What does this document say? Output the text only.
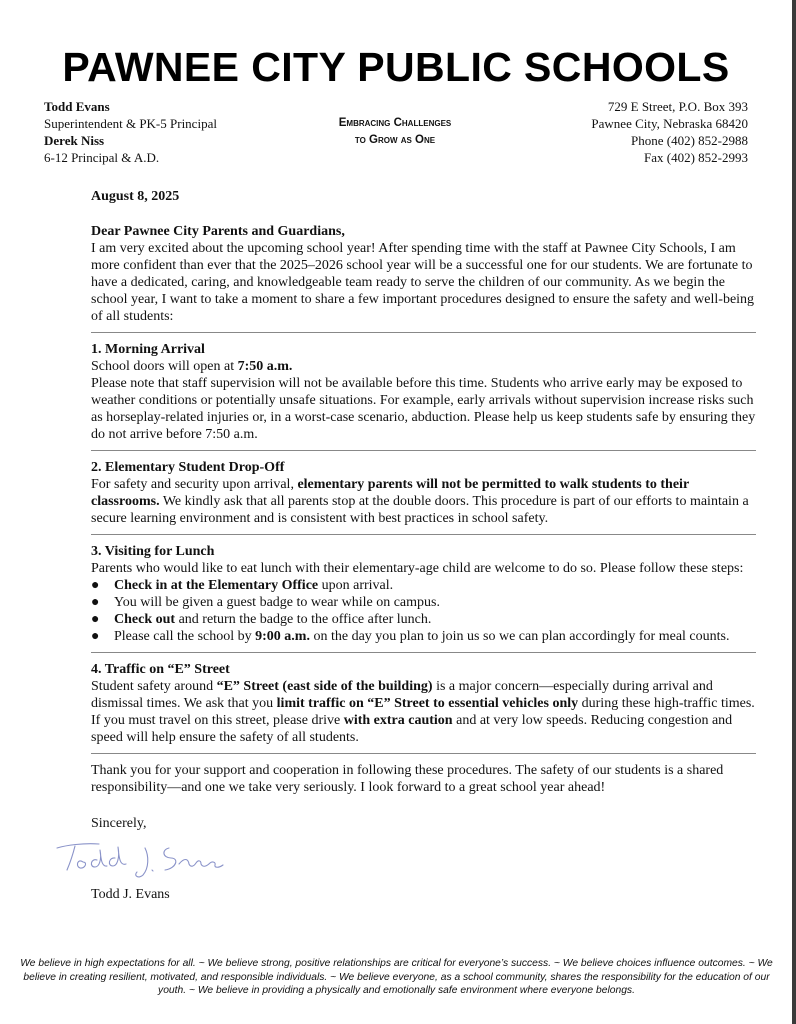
PAWNEE CITY PUBLIC SCHOOLS
Todd Evans
Superintendent & PK-5 Principal
Derek Niss
6-12 Principal & A.D.
Embracing Challenges
to Grow as One
729 E Street, P.O. Box 393
Pawnee City, Nebraska 68420
Phone (402) 852-2988
Fax (402) 852-2993

August 8, 2025

Dear Pawnee City Parents and Guardians,

I am very excited about the upcoming school year! After spending time with the staff at Pawnee City Schools, I am more confident than ever that the 2025–2026 school year will be a successful one for our students. We are fortunate to have a dedicated, caring, and knowledgeable team ready to serve the children of our community. As we begin the school year, I want to take a moment to share a few important procedures designed to ensure the safety and well-being of all students:

1. Morning Arrival

School doors will open at 7:50 a.m.

Please note that staff supervision will not be available before this time. Students who arrive early may be exposed to weather conditions or potentially unsafe situations. For example, early arrivals without supervision increase risks such as horseplay-related injuries or, in a worst-case scenario, abduction. Please help us keep students safe by ensuring they do not arrive before 7:50 a.m.

2. Elementary Student Drop-Off

For safety and security upon arrival, elementary parents will not be permitted to walk students to their classrooms. We kindly ask that all parents stop at the double doors. This procedure is part of our efforts to maintain a secure learning environment and is consistent with best practices in school safety.

3. Visiting for Lunch

Parents who would like to eat lunch with their elementary-age child are welcome to do so. Please follow these steps:

● Check in at the Elementary Office upon arrival.
● You will be given a guest badge to wear while on campus.
● Check out and return the badge to the office after lunch.
● Please call the school by 9:00 a.m. on the day you plan to join us so we can plan accordingly for meal counts.

4. Traffic on “E” Street

Student safety around “E” Street (east side of the building) is a major concern—especially during arrival and dismissal times. We ask that you limit traffic on “E” Street to essential vehicles only during these high-traffic times. If you must travel on this street, please drive with extra caution and at very low speeds. Reducing congestion and speed will help ensure the safety of all students.

Thank you for your support and cooperation in following these procedures. The safety of our students is a shared responsibility—and one we take very seriously. I look forward to a great school year ahead!

Sincerely,

Todd J. Evans

We believe in high expectations for all. ~ We believe strong, positive relationships are critical for everyone’s success. ~ We believe choices influence outcomes. ~ We believe in creating resilient, motivated, and responsible individuals. ~ We believe everyone, as a school community, shares the responsibility for the education of our youth. ~ We believe in providing a physically and emotionally safe environment where everyone belongs.
